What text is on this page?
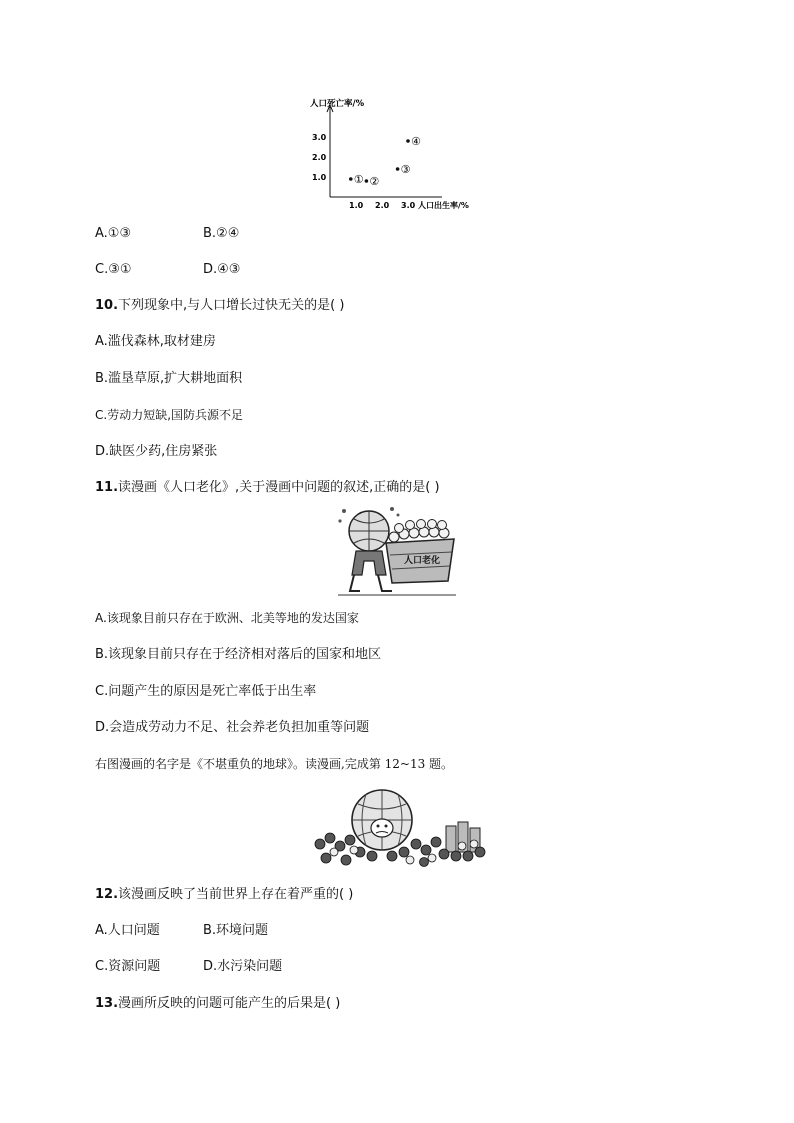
人口死亡率/%
人口出生率/%
1.0 2.0 3.0
1.0
2.0
3.0
① ②
③
④
A.①③	B.②④
C.③①	D.④③
10.下列现象中,与人口增长过快无关的是( )
A.滥伐森林,取材建房
B.滥垦草原,扩大耕地面积
C.劳动力短缺,国防兵源不足
D.缺医少药,住房紧张
11.读漫画《人口老化》,关于漫画中问题的叙述,正确的是( )
人口老化
A.该现象目前只存在于欧洲、北美等地的发达国家
B.该现象目前只存在于经济相对落后的国家和地区
C.问题产生的原因是死亡率低于出生率
D.会造成劳动力不足、社会养老负担加重等问题
右图漫画的名字是《不堪重负的地球》。读漫画,完成第 12~13 题。
12.该漫画反映了当前世界上存在着严重的( )
A.人口问题	B.环境问题
C.资源问题	D.水污染问题
13.漫画所反映的问题可能产生的后果是( )
